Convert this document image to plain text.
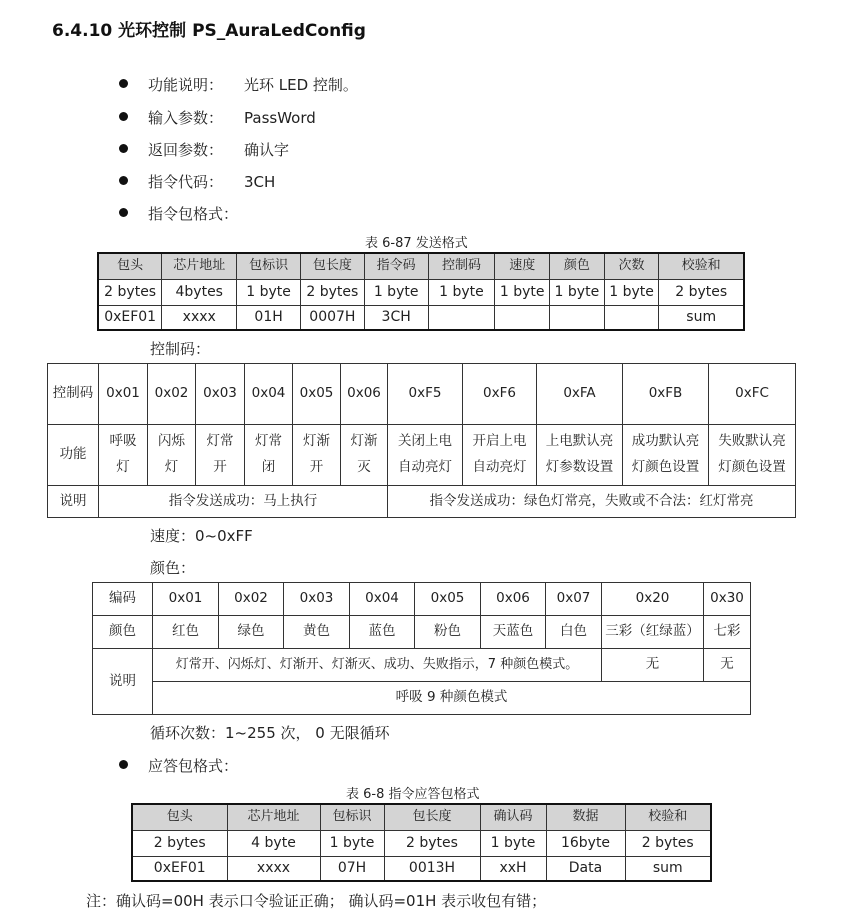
6.4.10 光环控制 PS_AuraLedConfig
功能说明： 光环 LED 控制。
输入参数： PassWord
返回参数： 确认字
指令代码： 3CH
指令包格式：
表 6-87 发送格式
包头	芯片地址	包标识	包长度	指令码	控制码	速度	颜色	次数	校验和
2 bytes	4bytes	1 byte	2 bytes	1 byte	1 byte	1 byte	1 byte	1 byte	2 bytes
0xEF01	xxxx	01H	0007H	3CH					sum
控制码：
控制码	0x01	0x02	0x03	0x04	0x05	0x06	0xF5	0xF6	0xFA	0xFB	0xFC
功能	呼吸灯	闪烁灯	灯常开	灯常闭	灯渐开	灯渐灭	关闭上电自动亮灯	开启上电自动亮灯	上电默认亮灯参数设置	成功默认亮灯颜色设置	失败默认亮灯颜色设置
说明	指令发送成功：马上执行						指令发送成功：绿色灯常亮，失败或不合法：红灯常亮				
速度：0~0xFF
颜色：
编码	0x01	0x02	0x03	0x04	0x05	0x06	0x07	0x20	0x30
颜色	红色	绿色	黄色	蓝色	粉色	天蓝色	白色	三彩（红绿蓝）	七彩
说明	灯常开、闪烁灯、灯渐开、灯渐灭、成功、失败指示，7 种颜色模式。							无	无
	呼吸 9 种颜色模式								
循环次数：1~255 次， 0 无限循环
应答包格式：
表 6-8 指令应答包格式
包头	芯片地址	包标识	包长度	确认码	数据	校验和
2 bytes	4 byte	1 byte	2 bytes	1 byte	16byte	2 bytes
0xEF01	xxxx	07H	0013H	xxH	Data	sum
注：确认码=00H 表示口令验证正确； 确认码=01H 表示收包有错；
